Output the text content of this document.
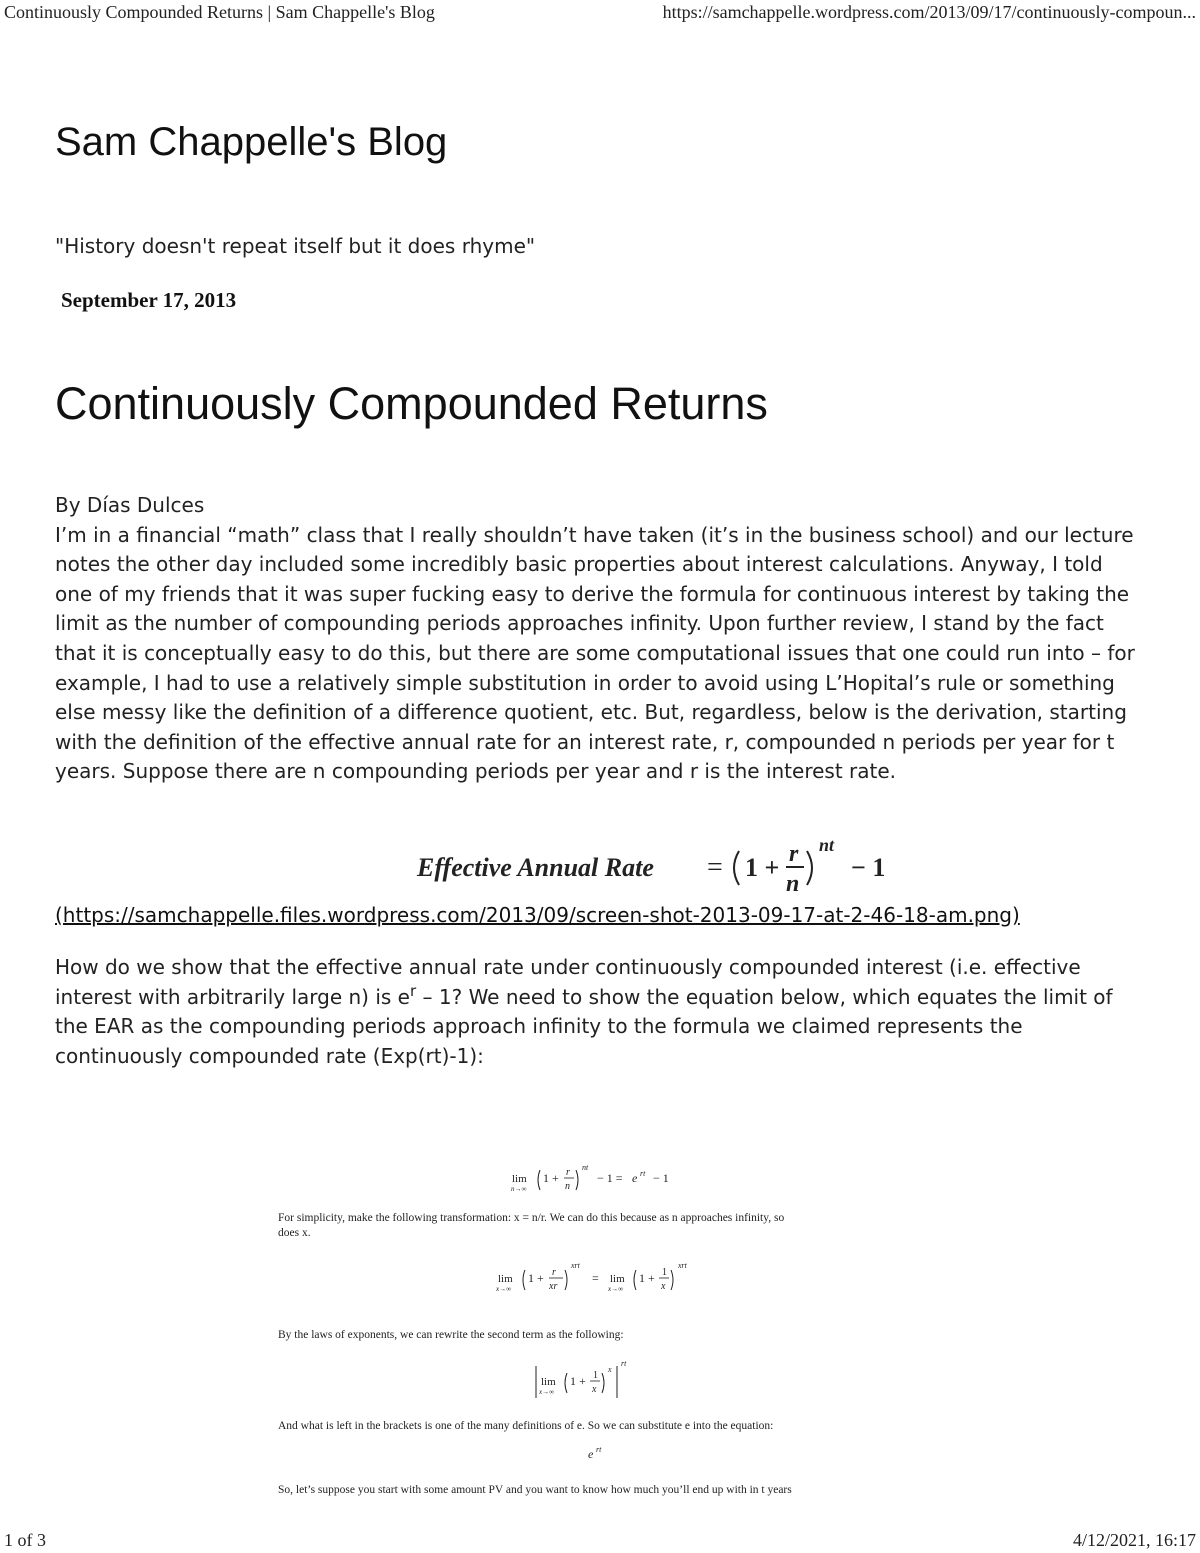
Continuously Compounded Returns | Sam Chappelle's Blog	https://samchappelle.wordpress.com/2013/09/17/continuously-compoun...
Sam Chappelle's Blog

"History doesn't repeat itself but it does rhyme"

September 17, 2013

Continuously Compounded Returns

By Días Dulces

I’m in a financial “math” class that I really shouldn’t have taken (it’s in the business school) and our lecture notes the other day included some incredibly basic properties about interest calculations. Anyway, I told one of my friends that it was super fucking easy to derive the formula for continuous interest by taking the limit as the number of compounding periods approaches infinity. Upon further review, I stand by the fact that it is conceptually easy to do this, but there are some computational issues that one could run into – for example, I had to use a relatively simple substitution in order to avoid using L’Hopital’s rule or something else messy like the definition of a difference quotient, etc. But, regardless, below is the derivation, starting with the definition of the effective annual rate for an interest rate, r, compounded n periods per year for t years. Suppose there are n compounding periods per year and r is the interest rate.

Effective Annual Rate = 1 + r
n
nt
− 1
(https://samchappelle.files.wordpress.com/2013/09/screen-shot-2013-09-17-at-2-46-18-am.png)

How do we show that the effective annual rate under continuously compounded interest (i.e. effective interest with arbitrarily large n) is $e^r - 1$? We need to show the equation below, which equates the limit of the EAR as the compounding periods approach infinity to the formula we claimed represents the continuously compounded rate (Exp(rt)-1):

lim
n→∞
1 + r
n
nt
− 1 = e rt − 1
For simplicity, make the following transformation: x = n/r. We can do this because as n approaches infinity, so
does x.
lim
x→∞
1 + r
xr
xrt
= lim
x→∞
1 + 1
x
xrt
By the laws of exponents, we can rewrite the second term as the following:
lim
x→∞
1 + 1
x
x
rt
And what is left in the brackets is one of the many definitions of e. So we can substitute e into the equation:
e rt
So, let’s suppose you start with some amount PV and you want to know how much you’ll end up with in t years
1 of 3	4/12/2021, 16:17
